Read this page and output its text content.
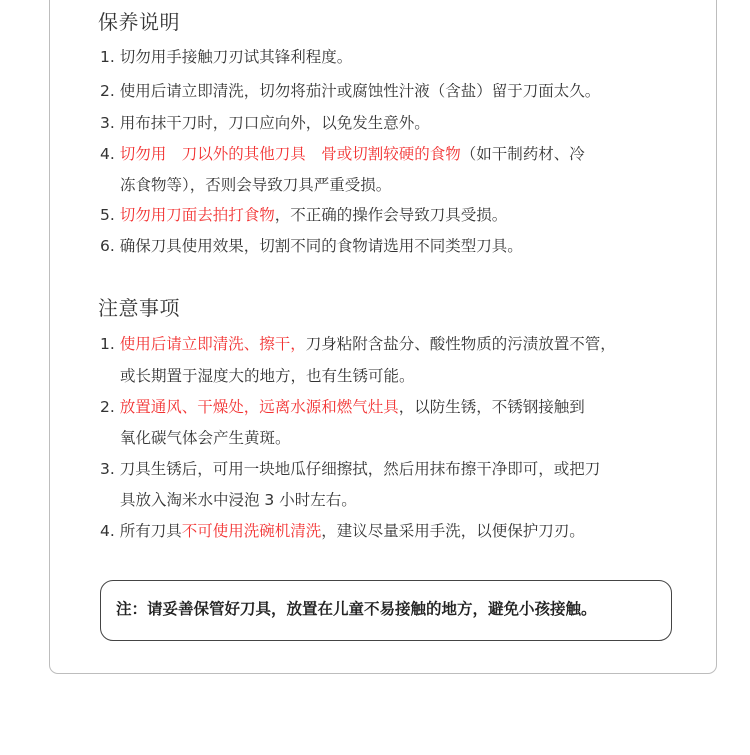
保养说明
1. 切勿用手接触刀刃试其锋利程度。
2. 使用后请立即清洗，切勿将茄汁或腐蚀性汁液（含盐）留于刀面太久。
3. 用布抹干刀时，刀口应向外，以免发生意外。
4. 切勿用　刀以外的其他刀具　骨或切割较硬的食物（如干制药材、冷
冻食物等），否则会导致刀具严重受损。
5. 切勿用刀面去拍打食物，不正确的操作会导致刀具受损。
6. 确保刀具使用效果，切割不同的食物请选用不同类型刀具。
注意事项
1. 使用后请立即清洗、擦干，刀身粘附含盐分、酸性物质的污渍放置不管，
或长期置于湿度大的地方，也有生锈可能。
2. 放置通风、干燥处，远离水源和燃气灶具，以防生锈，不锈钢接触到
氧化碳气体会产生黄斑。
3. 刀具生锈后，可用一块地瓜仔细擦拭，然后用抹布擦干净即可，或把刀
具放入淘米水中浸泡 3 小时左右。
4. 所有刀具不可使用洗碗机清洗，建议尽量采用手洗，以便保护刀刃。
注：请妥善保管好刀具，放置在儿童不易接触的地方，避免小孩接触。
